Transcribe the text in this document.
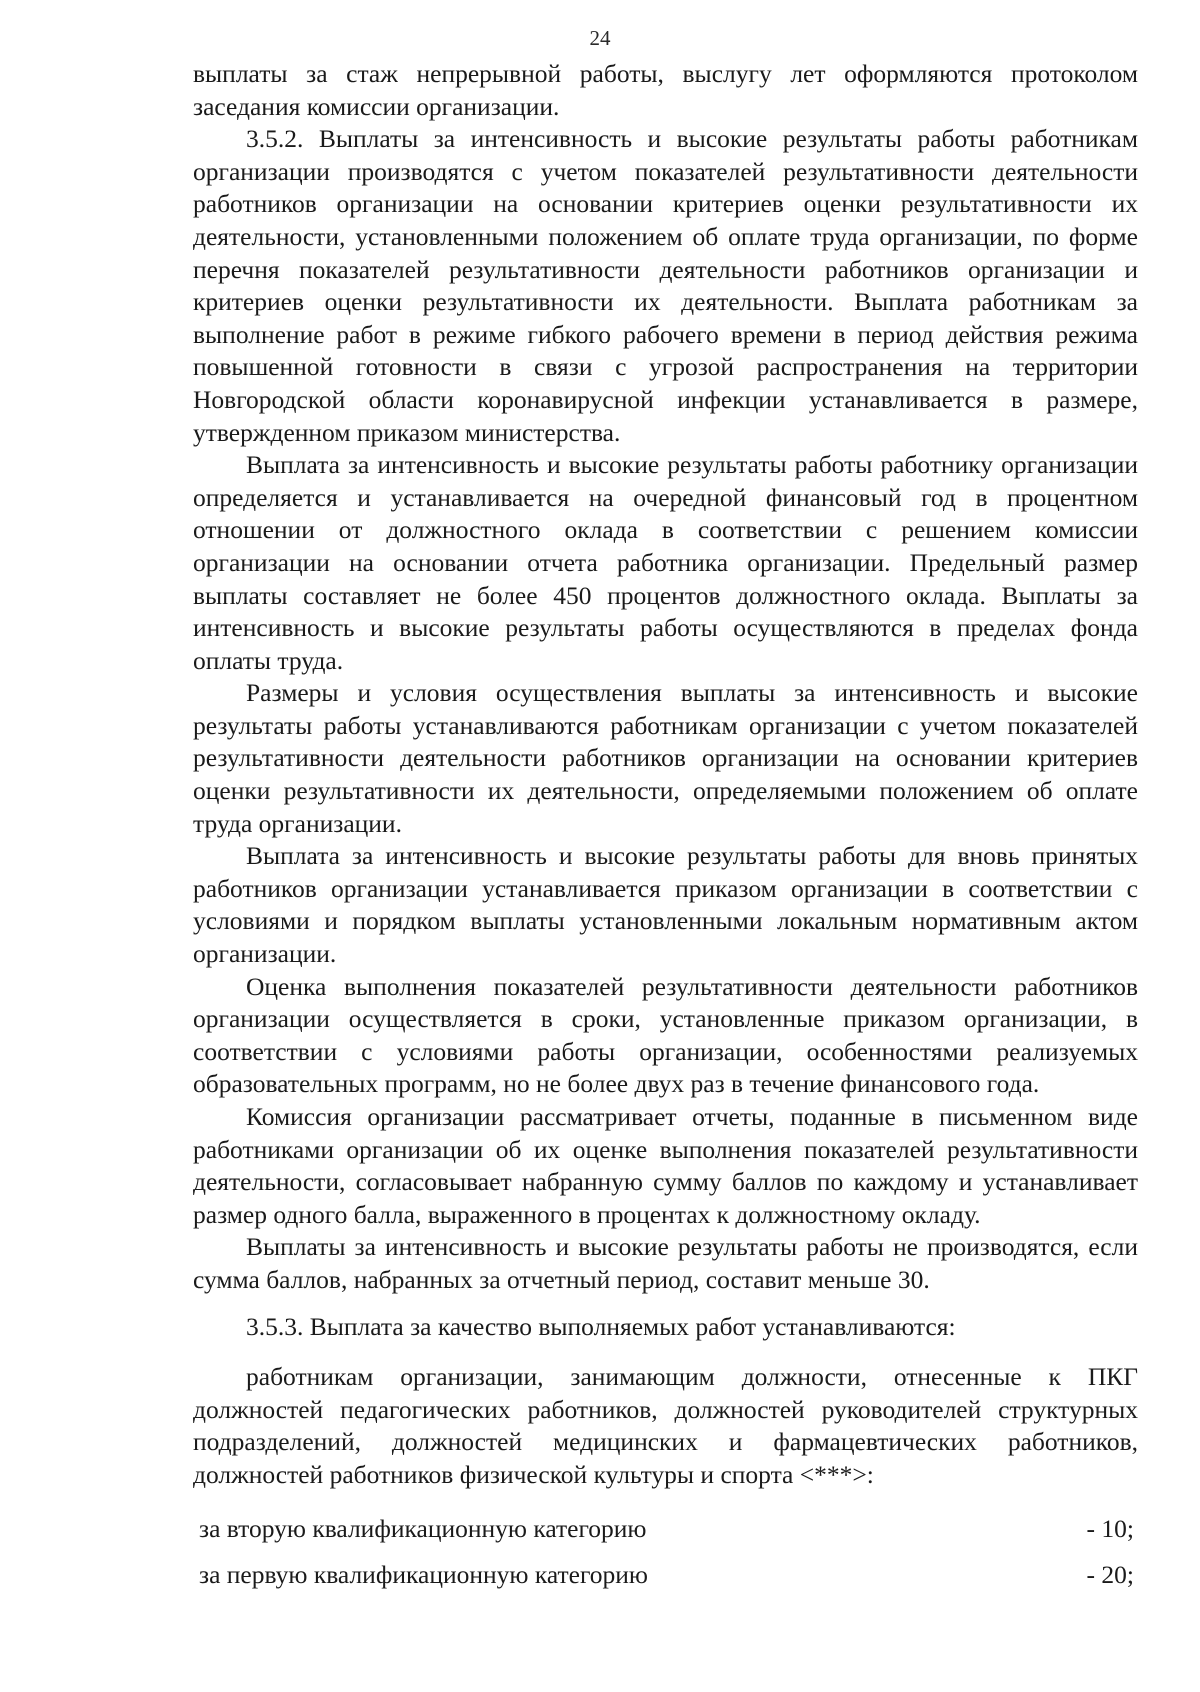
24

выплаты за стаж непрерывной работы, выслугу лет оформляются протоколом заседания комиссии организации.

3.5.2. Выплаты за интенсивность и высокие результаты работы работникам организации производятся с учетом показателей результативности деятельности работников организации на основании критериев оценки результативности их деятельности, установленными положением об оплате труда организации, по форме перечня показателей результативности деятельности работников организации и критериев оценки результативности их деятельности. Выплата работникам за выполнение работ в режиме гибкого рабочего времени в период действия режима повышенной готовности в связи с угрозой распространения на территории Новгородской области коронавирусной инфекции устанавливается в размере, утвержденном приказом министерства.

Выплата за интенсивность и высокие результаты работы работнику организации определяется и устанавливается на очередной финансовый год в процентном отношении от должностного оклада в соответствии с решением комиссии организации на основании отчета работника организации. Предельный размер выплаты составляет не более 450 процентов должностного оклада. Выплаты за интенсивность и высокие результаты работы осуществляются в пределах фонда оплаты труда.

Размеры и условия осуществления выплаты за интенсивность и высокие результаты работы устанавливаются работникам организации с учетом показателей результативности деятельности работников организации на основании критериев оценки результативности их деятельности, определяемыми положением об оплате труда организации.

Выплата за интенсивность и высокие результаты работы для вновь принятых работников организации устанавливается приказом организации в соответствии с условиями и порядком выплаты установленными локальным нормативным актом организации.

Оценка выполнения показателей результативности деятельности работников организации осуществляется в сроки, установленные приказом организации, в соответствии с условиями работы организации, особенностями реализуемых образовательных программ, но не более двух раз в течение финансового года.

Комиссия организации рассматривает отчеты, поданные в письменном виде работниками организации об их оценке выполнения показателей результативности деятельности, согласовывает набранную сумму баллов по каждому и устанавливает размер одного балла, выраженного в процентах к должностному окладу.

Выплаты за интенсивность и высокие результаты работы не производятся, если сумма баллов, набранных за отчетный период, составит меньше 30.

3.5.3. Выплата за качество выполняемых работ устанавливаются:

работникам организации, занимающим должности, отнесенные к ПКГ должностей педагогических работников, должностей руководителей структурных подразделений, должностей медицинских и фармацевтических работников, должностей работников физической культуры и спорта <***>:

за вторую квалификационную категорию	- 10;
за первую квалификационную категорию	- 20;
